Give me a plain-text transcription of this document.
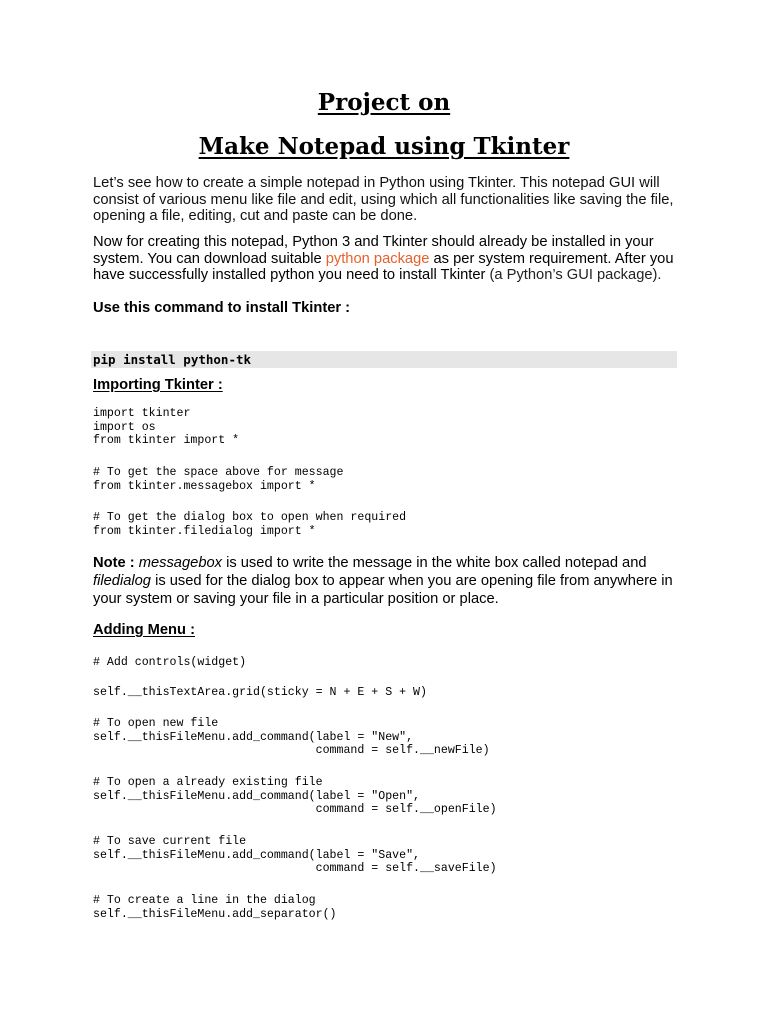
Project on
Make Notepad using Tkinter
Let’s see how to create a simple notepad in Python using Tkinter. This notepad GUI will consist of various menu like file and edit, using which all functionalities like saving the file, opening a file, editing, cut and paste can be done.
Now for creating this notepad, Python 3 and Tkinter should already be installed in your system. You can download suitable python package as per system requirement. After you have successfully installed python you need to install Tkinter (a Python’s GUI package).
Use this command to install Tkinter :
pip install python-tk
Importing Tkinter :
import tkinter
import os
from tkinter import *
# To get the space above for message
from tkinter.messagebox import *
# To get the dialog box to open when required
from tkinter.filedialog import *
Note : messagebox is used to write the message in the white box called notepad and filedialog is used for the dialog box to appear when you are opening file from anywhere in your system or saving your file in a particular position or place.
Adding Menu :
# Add controls(widget)
self.__thisTextArea.grid(sticky = N + E + S + W)
# To open new file
self.__thisFileMenu.add_command(label = "New",
command = self.__newFile)
# To open a already existing file
self.__thisFileMenu.add_command(label = "Open",
command = self.__openFile)
# To save current file
self.__thisFileMenu.add_command(label = "Save",
command = self.__saveFile)
# To create a line in the dialog
self.__thisFileMenu.add_separator()
